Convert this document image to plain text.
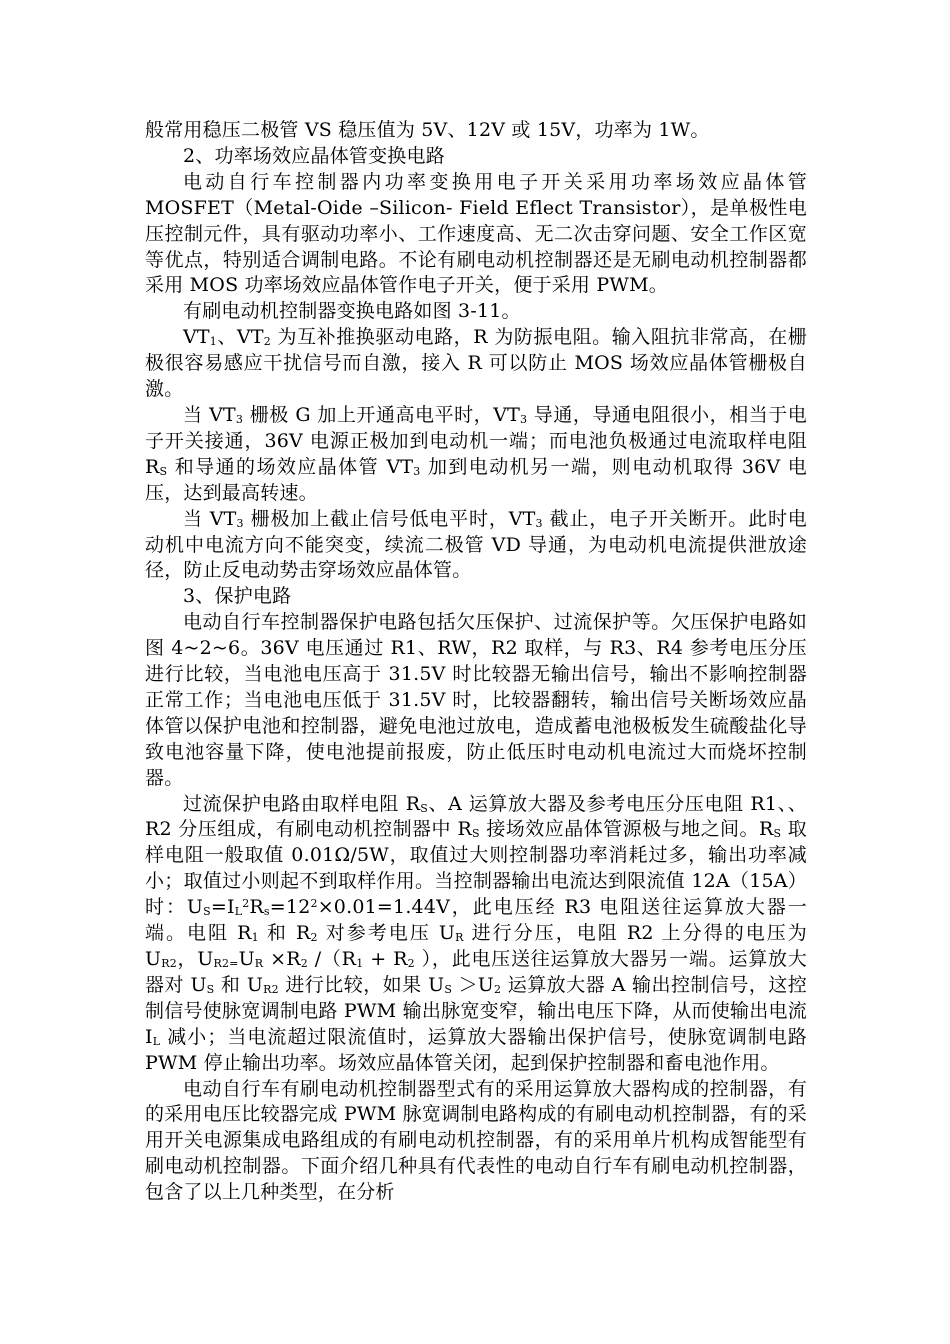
般常用稳压二极管 VS 稳压值为 5V、12V 或 15V，功率为 1W。

2、功率场效应晶体管变换电路

电动自行车控制器内功率变换用电子开关采用功率场效应晶体管 MOSFET（Metal-Oide –Silicon- Field Eflect Transistor），是单极性电压控制元件，具有驱动功率小、工作速度高、无二次击穿问题、安全工作区宽等优点，特别适合调制电路。不论有刷电动机控制器还是无刷电动机控制器都采用 MOS 功率场效应晶体管作电子开关，便于采用 PWM。

有刷电动机控制器变换电路如图 3-11。

$VT_1$、$VT_2$ 为互补推换驱动电路，R 为防振电阻。输入阻抗非常高，在栅极很容易感应干扰信号而自激，接入 R 可以防止 MOS 场效应晶体管栅极自激。

当 $VT_3$ 栅极 G 加上开通高电平时，$VT_3$ 导通，导通电阻很小，相当于电子开关接通，36V 电源正极加到电动机一端；而电池负极通过电流取样电阻 $R_S$ 和导通的场效应晶体管 $VT_3$ 加到电动机另一端，则电动机取得 36V 电压，达到最高转速。

当 $VT_3$ 栅极加上截止信号低电平时，$VT_3$ 截止，电子开关断开。此时电动机中电流方向不能突变，续流二极管 VD 导通，为电动机电流提供泄放途径，防止反电动势击穿场效应晶体管。

3、保护电路

电动自行车控制器保护电路包括欠压保护、过流保护等。欠压保护电路如图 4~2~6。36V 电压通过 R1、RW，R2 取样，与 R3、R4 参考电压分压进行比较，当电池电压高于 31.5V 时比较器无输出信号，输出不影响控制器正常工作；当电池电压低于 31.5V 时，比较器翻转，输出信号关断场效应晶体管以保护电池和控制器，避免电池过放电，造成蓄电池极板发生硫酸盐化导致电池容量下降，使电池提前报废，防止低压时电动机电流过大而烧坏控制器。

过流保护电路由取样电阻 $R_S$、A 运算放大器及参考电压分压电阻 R1、、R2 分压组成，有刷电动机控制器中 $R_S$ 接场效应晶体管源极与地之间。$R_S$ 取样电阻一般取值 0.01Ω/5W，取值过大则控制器功率消耗过多，输出功率减小；取值过小则起不到取样作用。当控制器输出电流达到限流值 12A（15A）时：$U_S=I_L^2R_s=12^2\times 0.01=1.44V$，此电压经 R3 电阻送往运算放大器一端。电阻 $R_1$ 和 $R_2$ 对参考电压 $U_R$ 进行分压，电阻 R2 上分得的电压为 $U_{R2}$，$U_{R2=}U_R \times R_2$ $/(R_1 + R_2$ ），此电压送往运算放大器另一端。运算放大器对 $U_S$ 和 $U_{R2}$ 进行比较，如果 $U_S >U_2$ 运算放大器 A 输出控制信号，这控制信号使脉宽调制电路 PWM 输出脉宽变窄，输出电压下降，从而使输出电流 $I_L$ 减小；当电流超过限流值时，运算放大器输出保护信号，使脉宽调制电路 PWM 停止输出功率。场效应晶体管关闭，起到保护控制器和畜电池作用。

电动自行车有刷电动机控制器型式有的采用运算放大器构成的控制器，有的采用电压比较器完成 PWM 脉宽调制电路构成的有刷电动机控制器，有的采用开关电源集成电路组成的有刷电动机控制器，有的采用单片机构成智能型有刷电动机控制器。下面介绍几种具有代表性的电动自行车有刷电动机控制器，包含了以上几种类型，在分析
